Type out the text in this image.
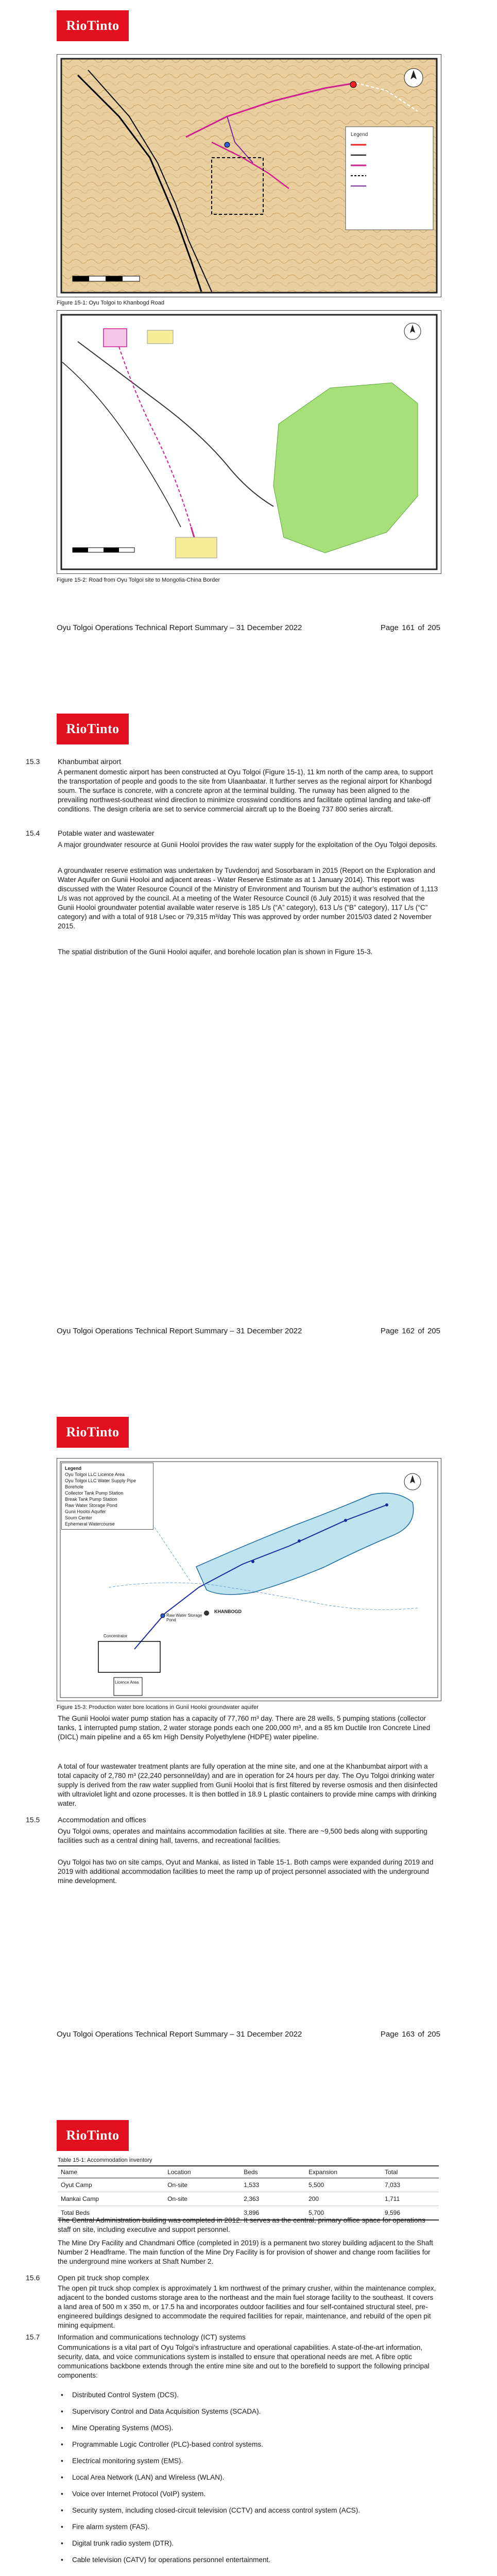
RioTinto
Legend
Figure 15-1: Oyu Tolgoi to Khanbogd Road
Figure 15-2: Road from Oyu Tolgoi site to Mongolia-China Border
Oyu Tolgoi Operations Technical Report Summary – 31 December 2022	Page 161 of 205
RioTinto
15.3	Khanbumbat airport
A permanent domestic airport has been constructed at Oyu Tolgoi (Figure 15-1), 11 km north of the camp area, to support the transportation of people and goods to the site from Ulaanbaatar. It further serves as the regional airport for Khanbogd soum. The surface is concrete, with a concrete apron at the terminal building. The runway has been aligned to the prevailing northwest-southeast wind direction to minimize crosswind conditions and facilitate optimal landing and take-off conditions. The design criteria are set to service commercial aircraft up to the Boeing 737 800 series aircraft.
15.4	Potable water and wastewater
A major groundwater resource at Gunii Hooloi provides the raw water supply for the exploitation of the Oyu Tolgoi deposits.
A groundwater reserve estimation was undertaken by Tuvdendorj and Sosorbaram in 2015 (Report on the Exploration and Water Aquifer on Gunii Hooloi and adjacent areas - Water Reserve Estimate as at 1 January 2014). This report was discussed with the Water Resource Council of the Ministry of Environment and Tourism but the author’s estimation of 1,113 L/s was not approved by the council. At a meeting of the Water Resource Council (6 July 2015) it was resolved that the Gunii Hooloi groundwater potential available water reserve is 185 L/s (“A” category), 613 L/s (“B” category), 117 L/s (“C” category) and with a total of 918 L/sec or 79,315 m³/day This was approved by order number 2015/03 dated 2 November 2015.
The spatial distribution of the Gunii Hooloi aquifer, and borehole location plan is shown in Figure 15-3.
Oyu Tolgoi Operations Technical Report Summary – 31 December 2022	Page 162 of 205
RioTinto
Legend
Oyu Tolgoi LLC Licence Area
Oyu Tolgoi LLC Water Supply Pipe
Borehole
Collector Tank Pump Station
Break Tank Pump Station
Raw Water Storage Pond
Gunii Hooloi Aquifer
Soum Center
Ephemeral Watercourse
KHANBOGD
Licence Area
Raw Water Storage Pond
Concentrator
Figure 15-3: Production water bore locations in Gunii Hooloi groundwater aquifer
The Gunii Hooloi water pump station has a capacity of 77,760 m³ day. There are 28 wells, 5 pumping stations (collector tanks, 1 interrupted pump station, 2 water storage ponds each one 200,000 m³, and a 85 km Ductile Iron Concrete Lined (DICL) main pipeline and a 65 km High Density Polyethylene (HDPE) water pipeline.
A total of four wastewater treatment plants are fully operation at the mine site, and one at the Khanbumbat airport with a total capacity of 2,780 m³ (22,240 personnel/day) and are in operation for 24 hours per day. The Oyu Tolgoi drinking water supply is derived from the raw water supplied from Gunii Hooloi that is first filtered by reverse osmosis and then disinfected with ultraviolet light and ozone processes. It is then bottled in 18.9 L plastic containers to provide mine camps with drinking water.
15.5	Accommodation and offices
Oyu Tolgoi owns, operates and maintains accommodation facilities at site. There are ~9,500 beds along with supporting facilities such as a central dining hall, taverns, and recreational facilities.
Oyu Tolgoi has two on site camps, Oyut and Mankai, as listed in Table 15-1. Both camps were expanded during 2019 and 2019 with additional accommodation facilities to meet the ramp up of project personnel associated with the underground mine development.
Oyu Tolgoi Operations Technical Report Summary – 31 December 2022	Page 163 of 205
RioTinto
Table 15-1: Accommodation inventory
Name	Location	Beds	Expansion	Total
Oyut Camp	On-site	1,533	5,500	7,033
Mankai Camp	On-site	2,363	200	1,711
Total Beds		3,896	5,700	9,596
The Central Administration building was completed in 2012. It serves as the central, primary office space for operations staff on site, including executive and support personnel.
The Mine Dry Facility and Chandmani Office (completed in 2019) is a permanent two storey building adjacent to the Shaft Number 2 Headframe. The main function of the Mine Dry Facility is for provision of shower and change room facilities for the underground mine workers at Shaft Number 2.
15.6	Open pit truck shop complex
The open pit truck shop complex is approximately 1 km northwest of the primary crusher, within the maintenance complex, adjacent to the bonded customs storage area to the northeast and the main fuel storage facility to the southeast. It covers a land area of 500 m x 350 m, or 17.5 ha and incorporates outdoor facilities and four self-contained structural steel, pre-engineered buildings designed to accommodate the required facilities for repair, maintenance, and rebuild of the open pit mining equipment.
15.7	Information and communications technology (ICT) systems
Communications is a vital part of Oyu Tolgoi’s infrastructure and operational capabilities. A state-of-the-art information, security, data, and voice communications system is installed to ensure that operational needs are met. A fibre optic communications backbone extends through the entire mine site and out to the borefield to support the following principal components:
• Distributed Control System (DCS).
• Supervisory Control and Data Acquisition Systems (SCADA).
• Mine Operating Systems (MOS).
• Programmable Logic Controller (PLC)-based control systems.
• Electrical monitoring system (EMS).
• Local Area Network (LAN) and Wireless (WLAN).
• Voice over Internet Protocol (VoIP) system.
• Security system, including closed-circuit television (CCTV) and access control system (ACS).
• Fire alarm system (FAS).
• Digital trunk radio system (DTR).
• Cable television (CATV) for operations personnel entertainment.
